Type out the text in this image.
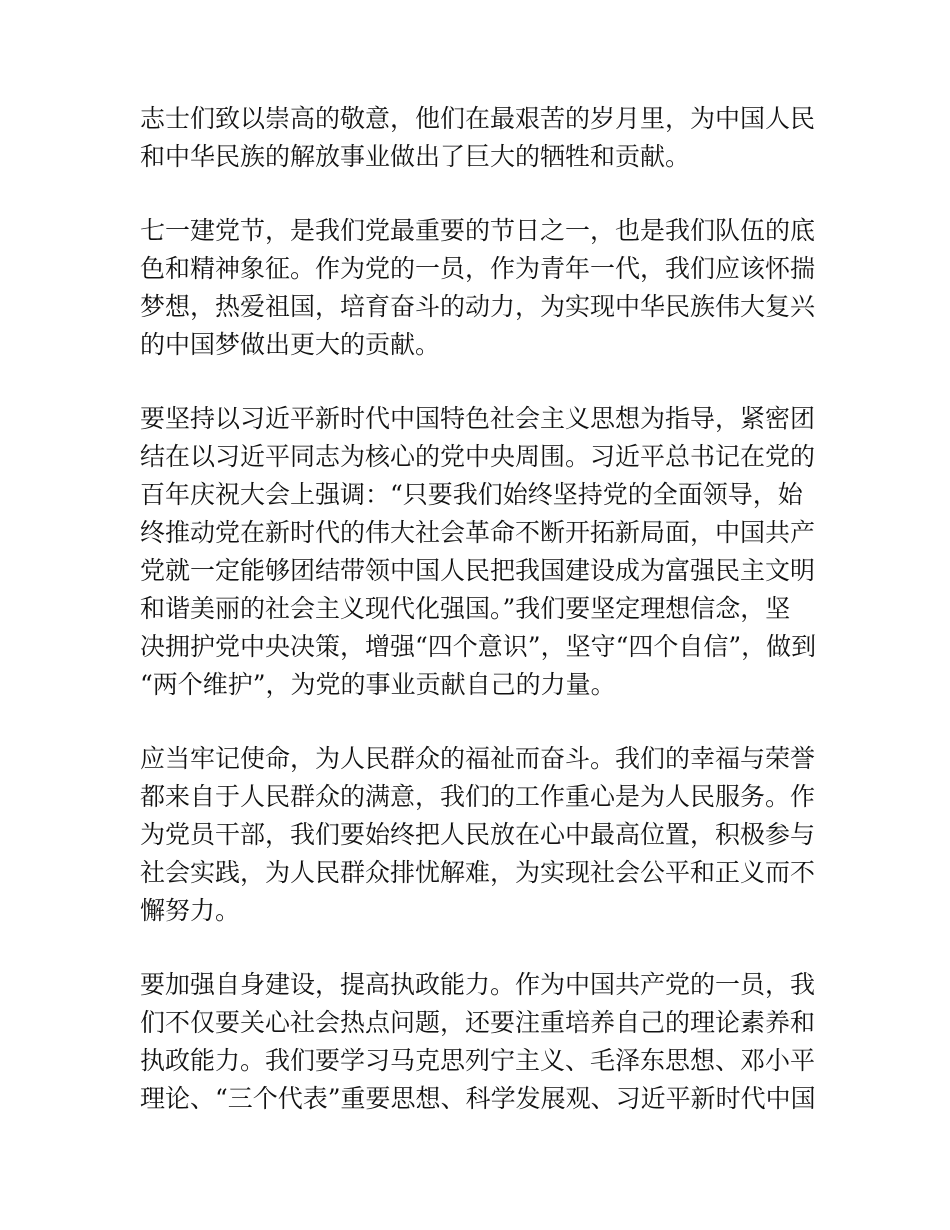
志士们致以崇高的敬意，他们在最艰苦的岁月里，为中国人民
和中华民族的解放事业做出了巨大的牺牲和贡献。
七一建党节，是我们党最重要的节日之一，也是我们队伍的底
色和精神象征。作为党的一员，作为青年一代，我们应该怀揣
梦想，热爱祖国，培育奋斗的动力，为实现中华民族伟大复兴
的中国梦做出更大的贡献。
要坚持以习近平新时代中国特色社会主义思想为指导，紧密团
结在以习近平同志为核心的党中央周围。习近平总书记在党的
百年庆祝大会上强调：“只要我们始终坚持党的全面领导，始
终推动党在新时代的伟大社会革命不断开拓新局面，中国共产
党就一定能够团结带领中国人民把我国建设成为富强民主文明
和谐美丽的社会主义现代化强国。”我们要坚定理想信念，坚
决拥护党中央决策，增强“四个意识”，坚守“四个自信”，做到
“两个维护”，为党的事业贡献自己的力量。
应当牢记使命，为人民群众的福祉而奋斗。我们的幸福与荣誉
都来自于人民群众的满意，我们的工作重心是为人民服务。作
为党员干部，我们要始终把人民放在心中最高位置，积极参与
社会实践，为人民群众排忧解难，为实现社会公平和正义而不
懈努力。
要加强自身建设，提高执政能力。作为中国共产党的一员，我
们不仅要关心社会热点问题，还要注重培养自己的理论素养和
执政能力。我们要学习马克思列宁主义、毛泽东思想、邓小平
理论、“三个代表”重要思想、科学发展观、习近平新时代中国
